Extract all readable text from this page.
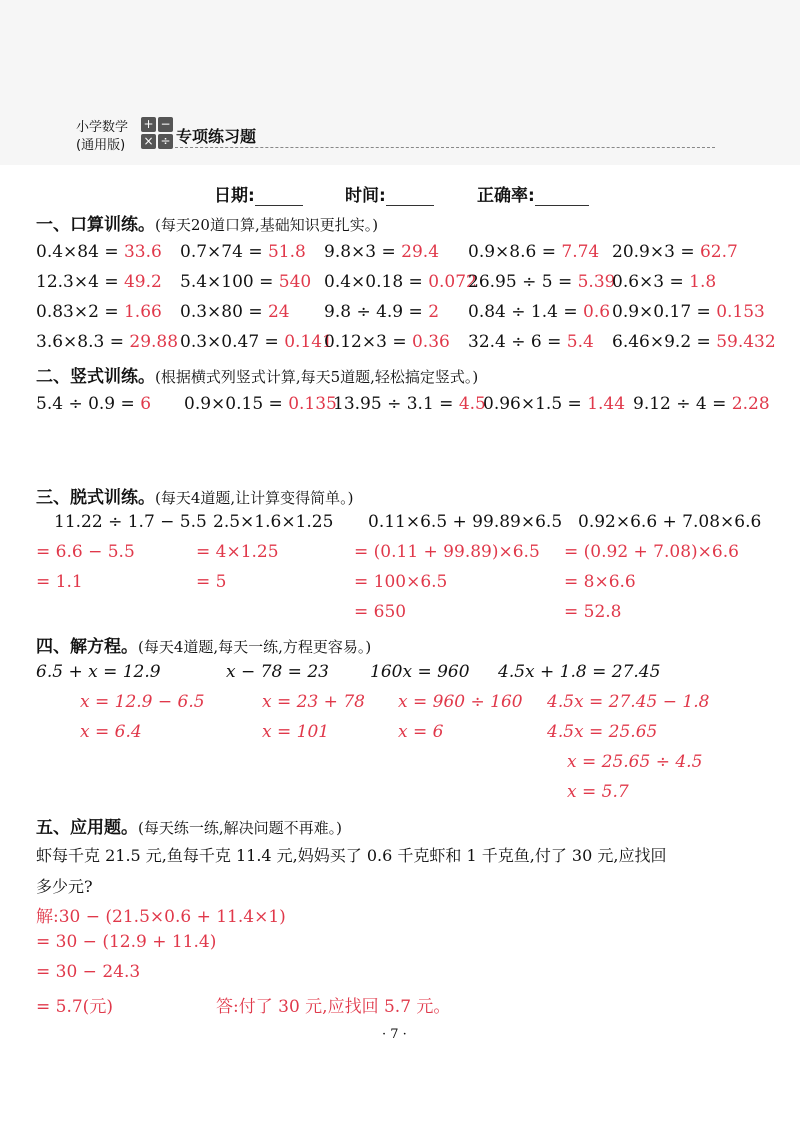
小学数学
(通用版)
+ −
× ÷ 专项练习题
日期:	时间:	正确率:
一、口算训练。(每天20道口算,基础知识更扎实。)
0.4×84 = 33.6 0.7×74 = 51.8 9.8×3 = 29.4 0.9×8.6 = 7.74 20.9×3 = 62.7
12.3×4 = 49.2 5.4×100 = 540 0.4×0.18 = 0.072
26.95 ÷ 5 = 5.39
0.6×3 = 1.8
0.83×2 = 1.66 0.3×80 = 24 9.8 ÷ 4.9 = 2 0.84 ÷ 1.4 = 0.6 0.9×0.17 = 0.153
3.6×8.3 = 29.88 0.3×0.47 = 0.141
0.12×3 = 0.36 32.4 ÷ 6 = 5.4 6.46×9.2 = 59.432
二、竖式训练。(根据横式列竖式计算,每天5道题,轻松搞定竖式。)
5.4 ÷ 0.9 = 6 0.9×0.15 = 0.135
13.95 ÷ 3.1 = 4.5
0.96×1.5 = 1.44 9.12 ÷ 4 = 2.28
三、脱式训练。(每天4道题,让计算变得简单。)
11.22 ÷ 1.7 − 5.5
= 6.6 − 5.5
= 1.1
2.5×1.6×1.25
= 4×1.25
= 5
0.11×6.5 + 99.89×6.5
= (0.11 + 99.89)×6.5
= 100×6.5
= 650
0.92×6.6 + 7.08×6.6
= (0.92 + 7.08)×6.6
= 8×6.6
= 52.8
四、解方程。(每天4道题,每天一练,方程更容易。)
6.5 + x = 12.9
x = 12.9 − 6.5
x = 6.4
x − 78 = 23
x = 23 + 78
x = 101
160x = 960
x = 960 ÷ 160
x = 6
4.5x + 1.8 = 27.45
4.5x = 27.45 − 1.8
4.5x = 25.65
x = 25.65 ÷ 4.5
x = 5.7
五、应用题。(每天练一练,解决问题不再难。)
虾每千克 21.5 元,鱼每千克 11.4 元,妈妈买了 0.6 千克虾和 1 千克鱼,付了 30 元,应找回
多少元?
解:30 − (21.5×0.6 + 11.4×1)
= 30 − (12.9 + 11.4)
= 30 − 24.3
= 5.7(元)	答:付了 30 元,应找回 5.7 元。
· 7 ·
